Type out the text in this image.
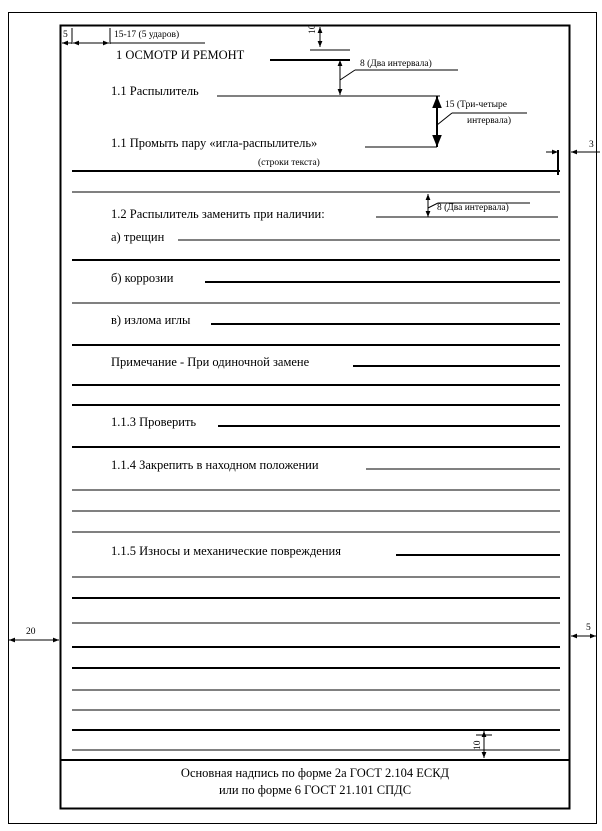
5	15-17 (5 ударов)
10
8 (Два интервала)
15 (Три-четыре
интервала)
3
8 (Два интервала)
20	5
10
1 ОСМОТР И РЕМОНТ
1.1 Распылитель
1.1 Промыть пару «игла-распылитель»
(строки текста)
1.2 Распылитель заменить при наличии:
а) трещин
б) коррозии
в) излома иглы
Примечание - При одиночной замене
1.1.3 Проверить
1.1.4 Закрепить в находном положении
1.1.5 Износы и механические повреждения
Основная надпись по форме 2а ГОСТ 2.104 ЕСКД
или по форме 6 ГОСТ 21.101 СПДС
